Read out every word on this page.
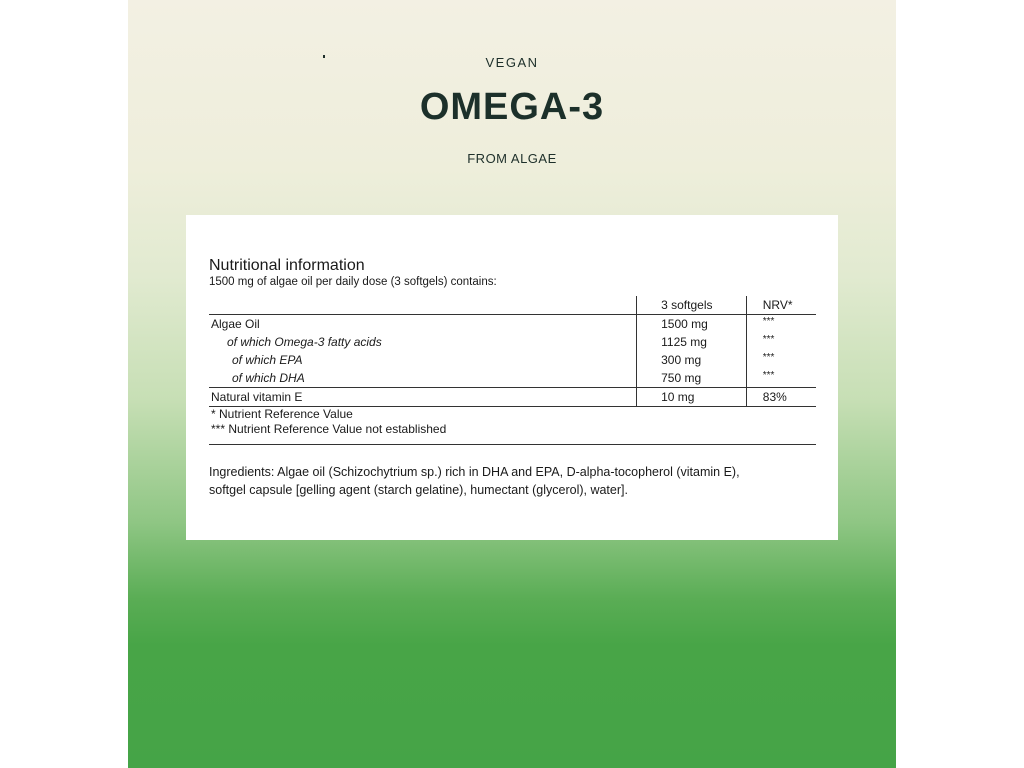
VEGAN
OMEGA-3
FROM ALGAE
Nutritional information
1500 mg of algae oil per daily dose (3 softgels) contains:
	3 softgels	NRV*
Algae Oil	1500 mg	***
of which Omega-3 fatty acids	1125 mg	***
of which EPA	300 mg	***
of which DHA	750 mg	***
Natural vitamin E	10 mg	83%
* Nutrient Reference Value
*** Nutrient Reference Value not established
Ingredients: Algae oil (Schizochytrium sp.) rich in DHA and EPA, D-alpha-tocopherol (vitamin E),
softgel capsule [gelling agent (starch gelatine), humectant (glycerol), water].
